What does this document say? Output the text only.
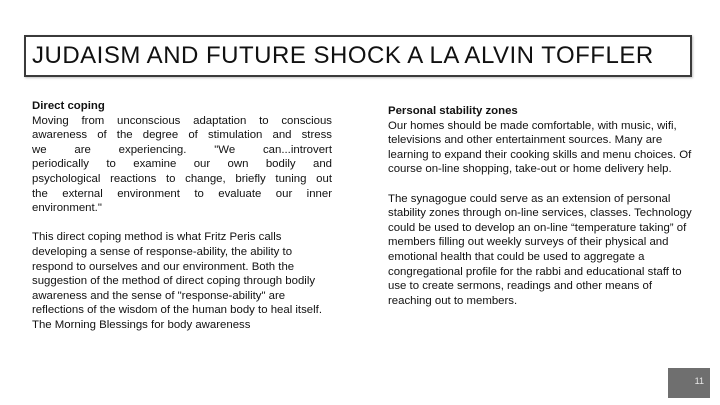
JUDAISM AND FUTURE SHOCK A LA ALVIN TOFFLER
Direct coping
Moving from unconscious adaptation to conscious
awareness of the degree of stimulation and stress
we are experiencing. "We can...introvert
periodically to examine our own bodily and
psychological reactions to change, briefly tuning out
the external environment to evaluate our inner
environment."
This direct coping method is what Fritz Peris calls developing a sense of response-ability, the ability to respond to ourselves and our environment. Both the suggestion of the method of direct coping through bodily awareness and the sense of "response-ability" are reflections of the wisdom of the human body to heal itself.
The Morning Blessings for body awareness
Personal stability zones
Our homes should be made comfortable, with music, wifi, televisions and other entertainment sources. Many are learning to expand their cooking skills and menu choices. Of course on-line shopping, take-out or home delivery help.
The synagogue could serve as an extension of personal stability zones through on-line services, classes. Technology could be used to develop an on-line “temperature taking” of members filling out weekly surveys of their physical and emotional health that could be used to aggregate a congregational profile for the rabbi and educational staff to use to create sermons, readings and other means of reaching out to members.
11
